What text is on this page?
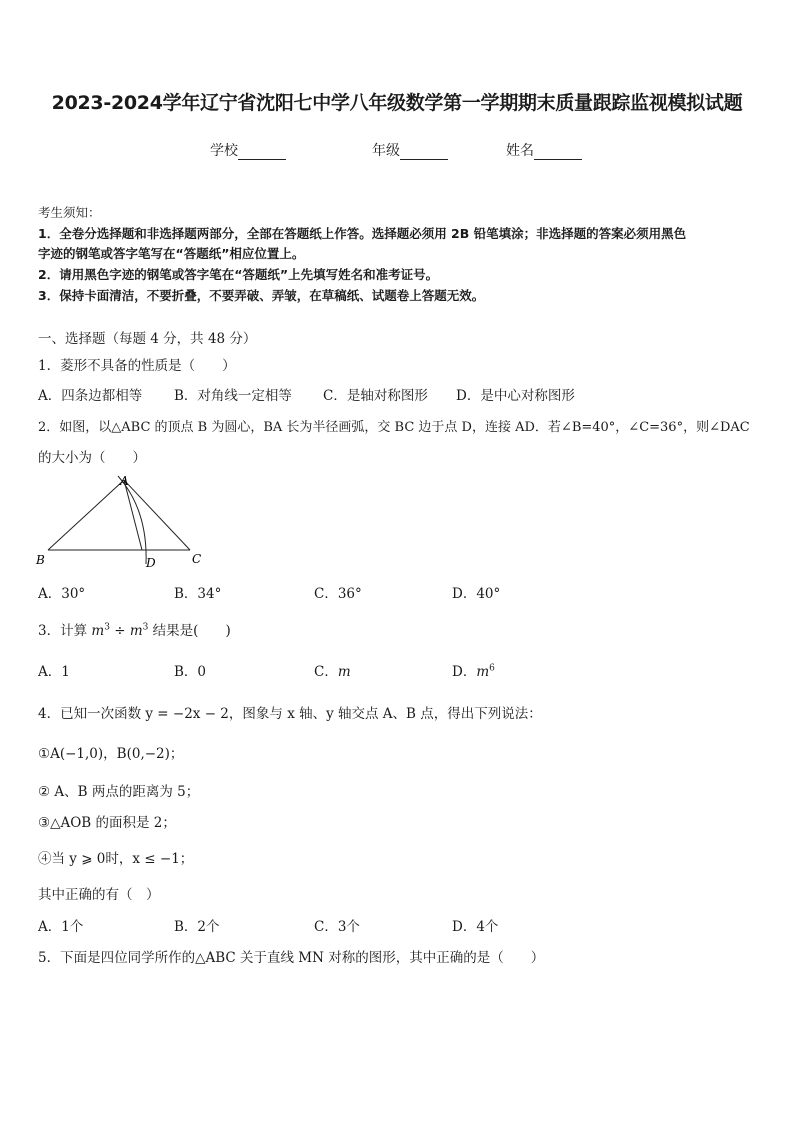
2023-2024学年辽宁省沈阳七中学八年级数学第一学期期末质量跟踪监视模拟试题
学校	年级	姓名
考生须知：
1．全卷分选择题和非选择题两部分，全部在答题纸上作答。选择题必须用 2B 铅笔填涂；非选择题的答案必须用黑色
字迹的钢笔或答字笔写在“答题纸”相应位置上。
2．请用黑色字迹的钢笔或答字笔在“答题纸”上先填写姓名和准考证号。
3．保持卡面清洁，不要折叠，不要弄破、弄皱，在草稿纸、试题卷上答题无效。
一、选择题（每题 4 分，共 48 分）
1．菱形不具备的性质是（　　）
A．四条边都相等 B．对角线一定相等 C．是轴对称图形 D．是中心对称图形
2．如图，以△ABC 的顶点 B 为圆心，BA 长为半径画弧，交 BC 边于点 D，连接 AD．若∠B=40°，∠C=36°，则∠DAC
的大小为（　　）
A
B	C
D
A．30°	B．34°	C．36°	D．40°
3．计算 $m^3 \div m^3$ 结果是(　　)
A．1	B．0	C．m	D．$m^6$
4．已知一次函数 y = −2x − 2，图象与 x 轴、y 轴交点 A、B 点，得出下列说法：
①A(−1,0)，B(0,−2)；
② A、B 两点的距离为 5；
③△AOB 的面积是 2；
④当 y ⩾ 0时，x ≤ −1；
其中正确的有（　）
A．1个	B．2个	C．3个	D．4个
5．下面是四位同学所作的△ABC 关于直线 MN 对称的图形，其中正确的是（　　）
